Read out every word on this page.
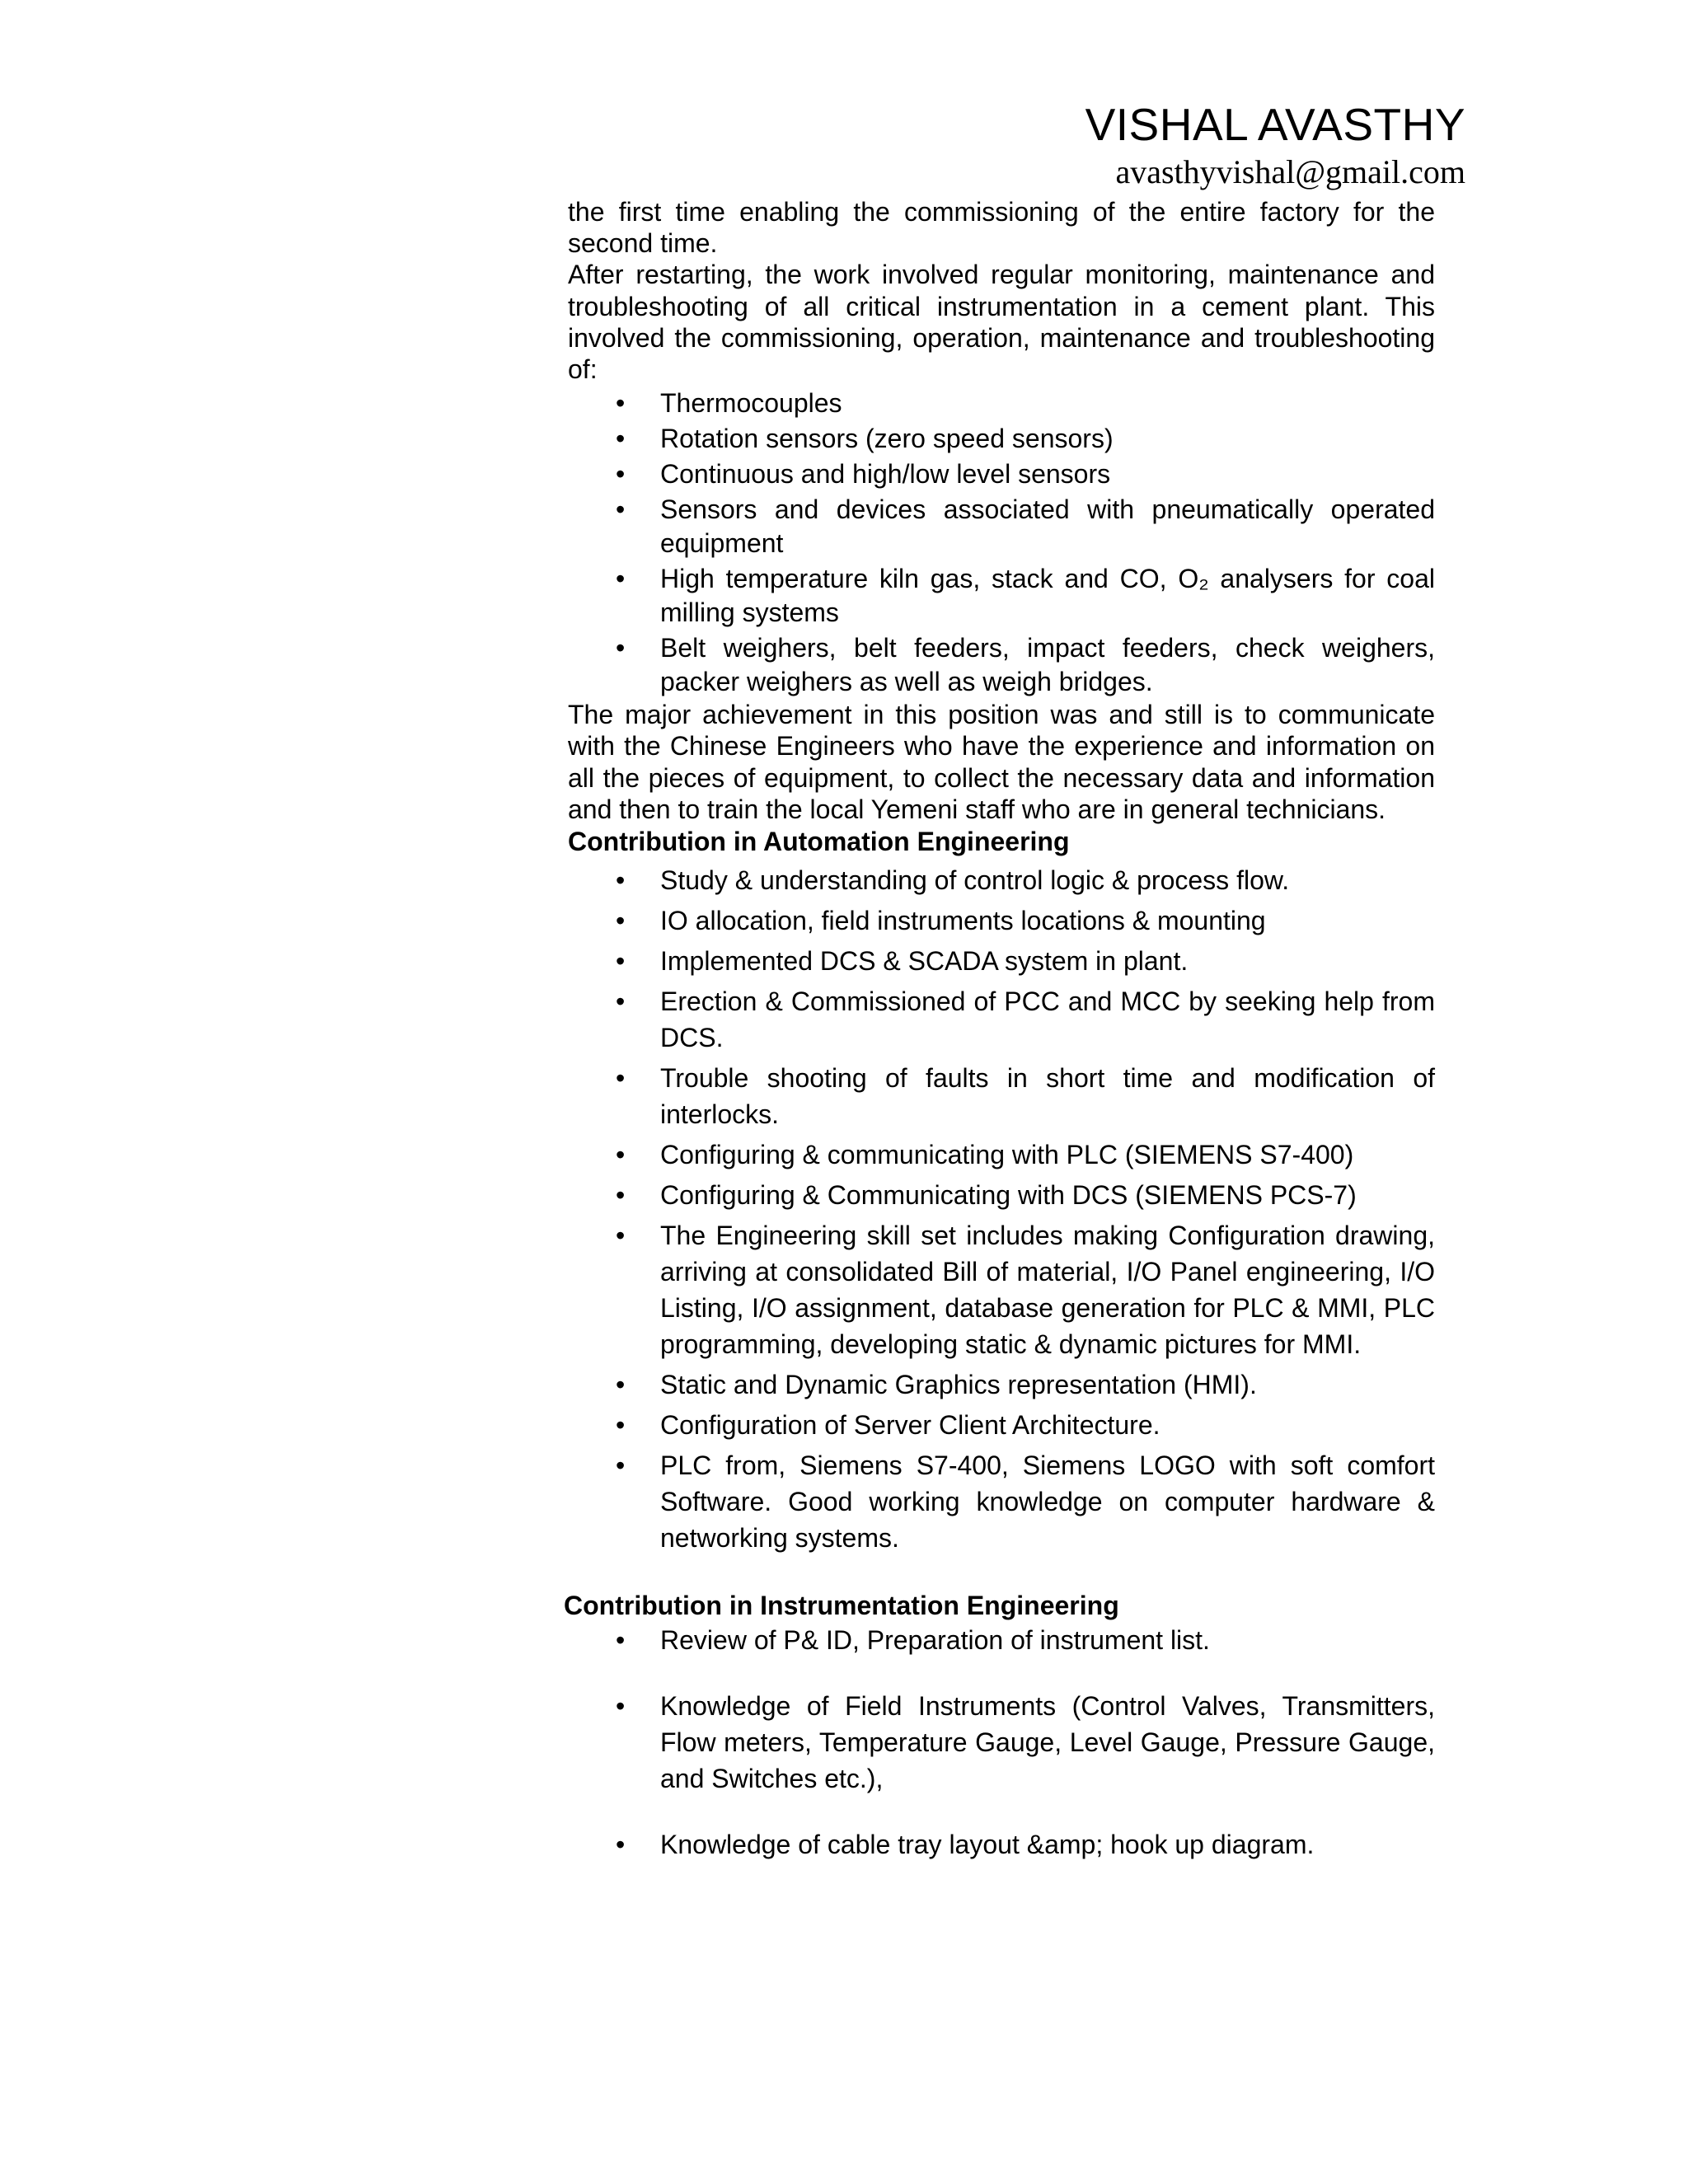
VISHAL AVASTHY
avasthyvishal@gmail.com

the first time enabling the commissioning of the entire factory for the second time.

After restarting, the work involved regular monitoring, maintenance and troubleshooting of all critical instrumentation in a cement plant. This involved the commissioning, operation, maintenance and troubleshooting of:

• Thermocouples
• Rotation sensors (zero speed sensors)
• Continuous and high/low level sensors
• Sensors and devices associated with pneumatically operated equipment
• High temperature kiln gas, stack and CO, O₂ analysers for coal milling systems
• Belt weighers, belt feeders, impact feeders, check weighers, packer weighers as well as weigh bridges.

The major achievement in this position was and still is to communicate with the Chinese Engineers who have the experience and information on all the pieces of equipment, to collect the necessary data and information and then to train the local Yemeni staff who are in general technicians.

Contribution in Automation Engineering

• Study & understanding of control logic & process flow.
• IO allocation, field instruments locations & mounting
• Implemented DCS & SCADA system in plant.
• Erection & Commissioned of PCC and MCC by seeking help from DCS.
• Trouble shooting of faults in short time and modification of interlocks.
• Configuring & communicating with PLC (SIEMENS S7-400)
• Configuring & Communicating with DCS (SIEMENS PCS-7)
• The Engineering skill set includes making Configuration drawing, arriving at consolidated Bill of material, I/O Panel engineering, I/O Listing, I/O assignment, database generation for PLC & MMI, PLC programming, developing static & dynamic pictures for MMI.
• Static and Dynamic Graphics representation (HMI).
• Configuration of Server Client Architecture.
• PLC from, Siemens S7-400, Siemens LOGO with soft comfort Software. Good working knowledge on computer hardware & networking systems.

Contribution in Instrumentation Engineering

• Review of P& ID, Preparation of instrument list.
• Knowledge of Field Instruments (Control Valves, Transmitters, Flow meters, Temperature Gauge, Level Gauge, Pressure Gauge, and Switches etc.),
• Knowledge of cable tray layout &amp; hook up diagram.
